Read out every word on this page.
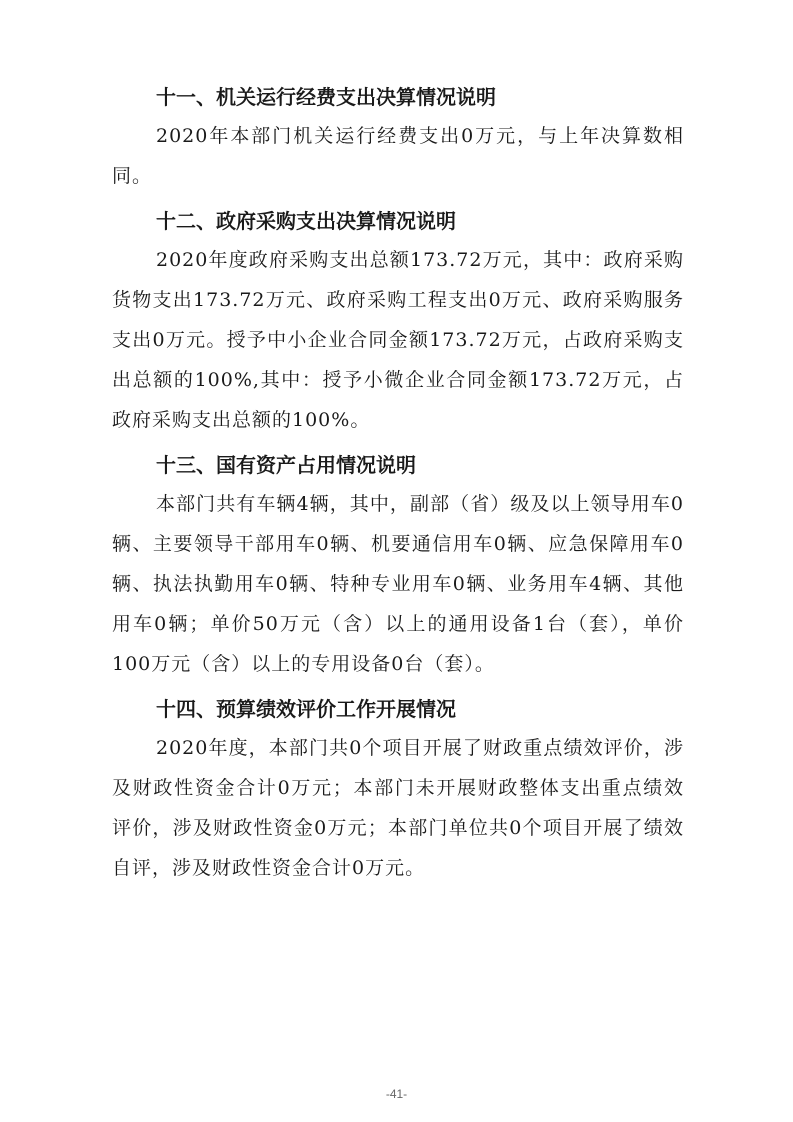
十一、机关运行经费支出决算情况说明

2020年本部门机关运行经费支出0万元，与上年决算数相同。

十二、政府采购支出决算情况说明

2020年度政府采购支出总额173.72万元，其中：政府采购货物支出173.72万元、政府采购工程支出0万元、政府采购服务支出0万元。授予中小企业合同金额173.72万元，占政府采购支出总额的100%,其中：授予小微企业合同金额173.72万元，占政府采购支出总额的100%。

十三、国有资产占用情况说明

本部门共有车辆4辆，其中，副部（省）级及以上领导用车0辆、主要领导干部用车0辆、机要通信用车0辆、应急保障用车0辆、执法执勤用车0辆、特种专业用车0辆、业务用车4辆、其他用车0辆；单价50万元（含）以上的通用设备1台（套），单价100万元（含）以上的专用设备0台（套）。

十四、预算绩效评价工作开展情况

2020年度，本部门共0个项目开展了财政重点绩效评价，涉及财政性资金合计0万元；本部门未开展财政整体支出重点绩效评价，涉及财政性资金0万元；本部门单位共0个项目开展了绩效自评，涉及财政性资金合计0万元。

-41-
